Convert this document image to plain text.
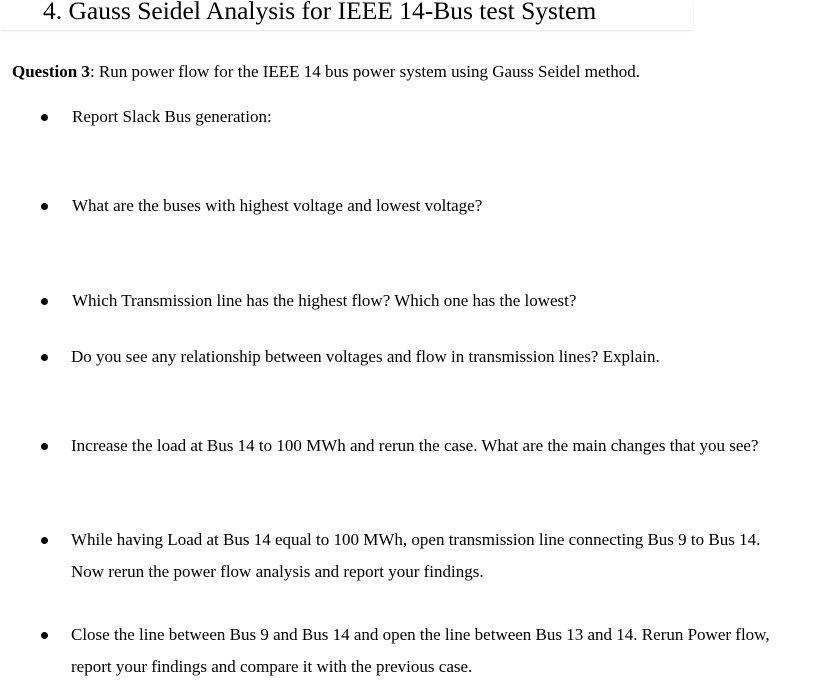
4. Gauss Seidel Analysis for IEEE 14-Bus test System
Question 3: Run power flow for the IEEE 14 bus power system using Gauss Seidel method.
Report Slack Bus generation:
What are the buses with highest voltage and lowest voltage?
Which Transmission line has the highest flow? Which one has the lowest?
Do you see any relationship between voltages and flow in transmission lines? Explain.
Increase the load at Bus 14 to 100 MWh and rerun the case. What are the main changes that you see?
While having Load at Bus 14 equal to 100 MWh, open transmission line connecting Bus 9 to Bus 14. Now rerun the power flow analysis and report your findings.
Close the line between Bus 9 and Bus 14 and open the line between Bus 13 and 14. Rerun Power flow, report your findings and compare it with the previous case.
